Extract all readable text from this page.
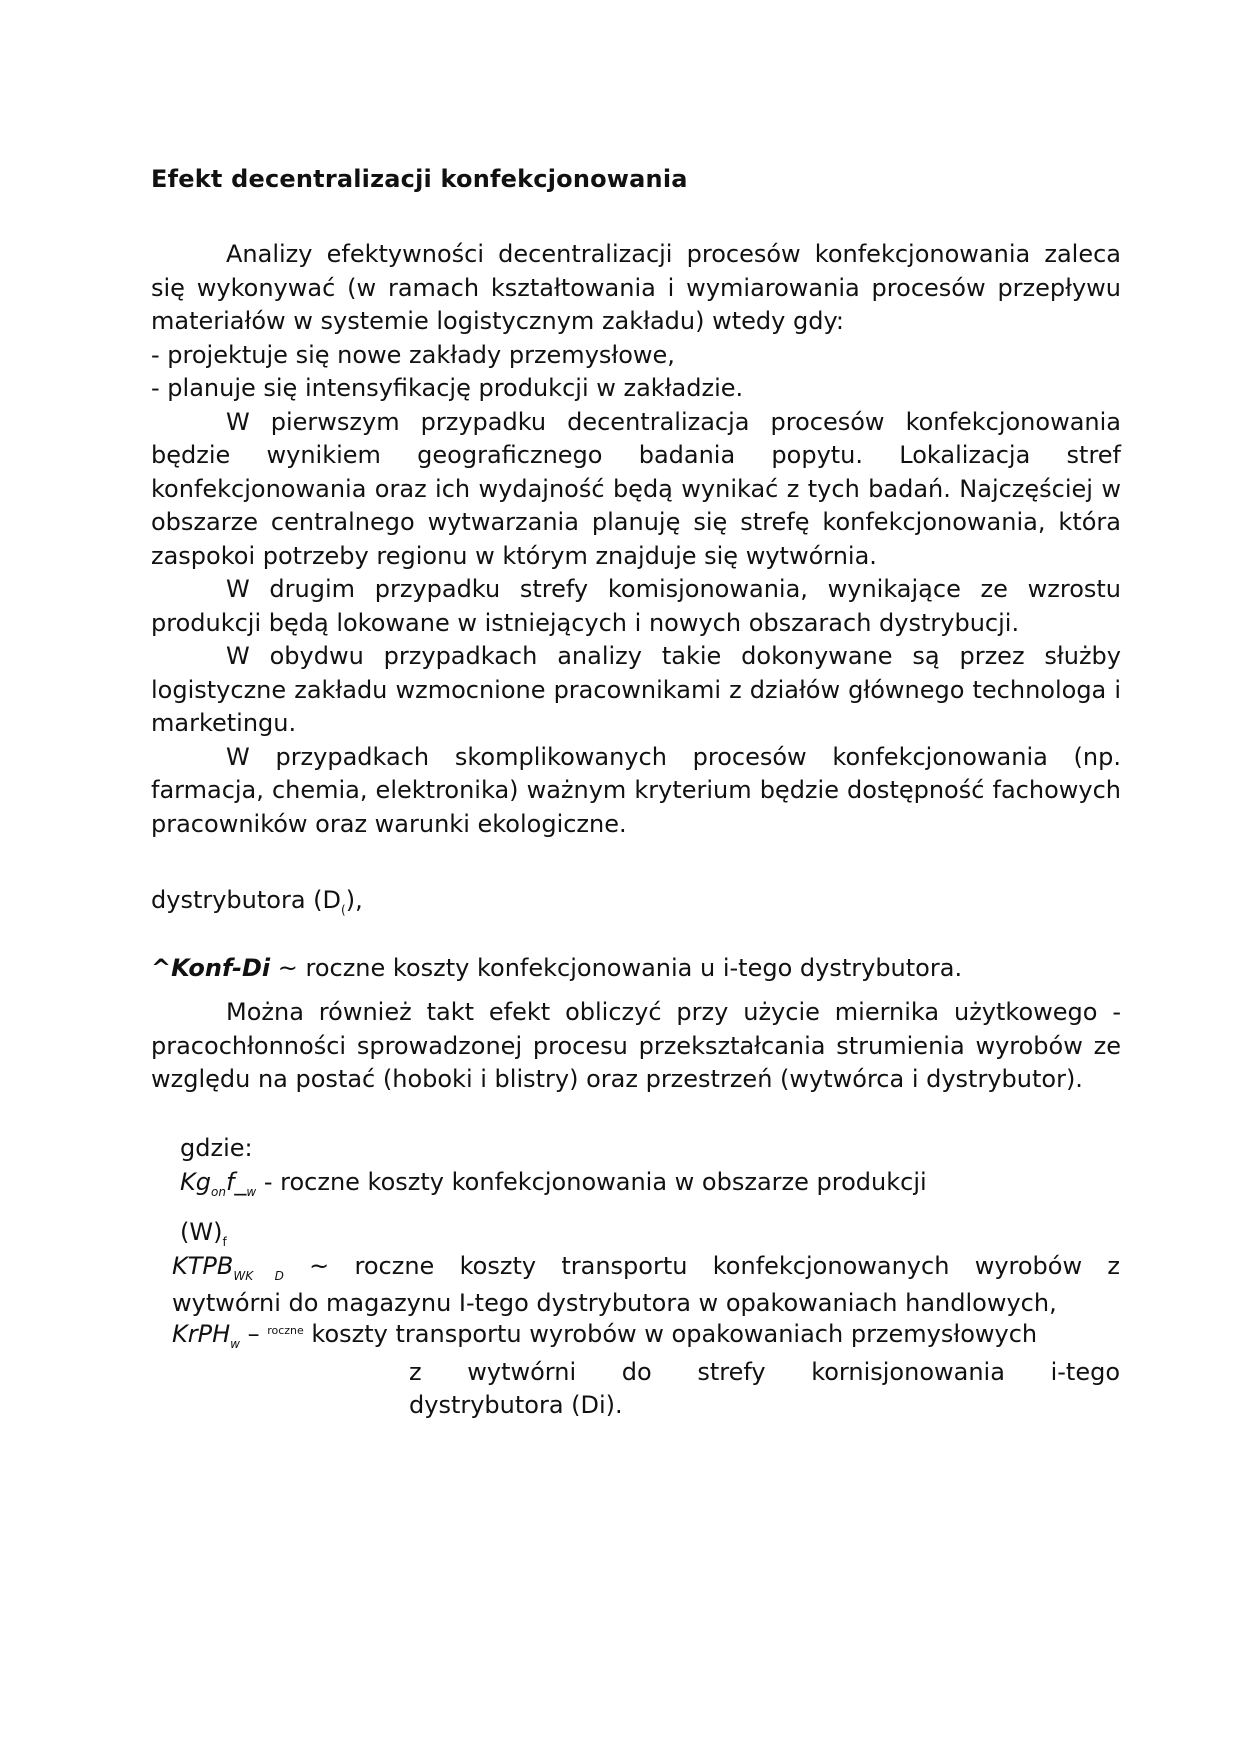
Efekt decentralizacji konfekcjonowania

Analizy efektywności decentralizacji procesów konfekcjonowania zaleca się wykonywać (w ramach kształtowania i wymiarowania procesów przepływu materiałów w systemie logistycznym zakładu) wtedy gdy:

- projektuje się nowe zakłady przemysłowe,

- planuje się intensyfikację produkcji w zakładzie.

W pierwszym przypadku decentralizacja procesów konfekcjonowania będzie wynikiem geograficznego badania popytu. Lokalizacja stref konfekcjonowania oraz ich wydajność będą wynikać z tych badań. Najczęściej w obszarze centralnego wytwarzania planuję się strefę konfekcjonowania, która zaspokoi potrzeby regionu w którym znajduje się wytwórnia.

W drugim przypadku strefy komisjonowania, wynikające ze wzrostu produkcji będą lokowane w istniejących i nowych obszarach dystrybucji.

W obydwu przypadkach analizy takie dokonywane są przez służby logistyczne zakładu wzmocnione pracownikami z działów głównego technologa i marketingu.

W przypadkach skomplikowanych procesów konfekcjonowania (np. farmacja, chemia, elektronika) ważnym kryterium będzie dostępność fachowych pracowników oraz warunki ekologiczne.

dystrybutora $(D_()$,
^Konf-Di ~ roczne koszty konfekcjonowania u i-tego dystrybutora.

Można również takt efekt obliczyć przy użycie miernika użytkowego -pracochłonności sprowadzonej procesu przekształcania strumienia wyrobów ze względu na postać (hoboki i blistry) oraz przestrzeń (wytwórca i dystrybutor).

gdzie:
$Kg_{on}f\__w$ - roczne koszty konfekcjonowania w obszarze produkcji
$(W)_f$
$KTPB_{WK D}$ ~ roczne koszty transportu konfekcjonowanych wyrobów z
wytwórni do magazynu I-tego dystrybutora w opakowaniach handlowych,
KrPH$_w$ – $^{roczne}$ koszty transportu wyrobów w opakowaniach przemysłowych
z wytwórni do strefy kornisjonowania i-tego
dystrybutora (Di).
